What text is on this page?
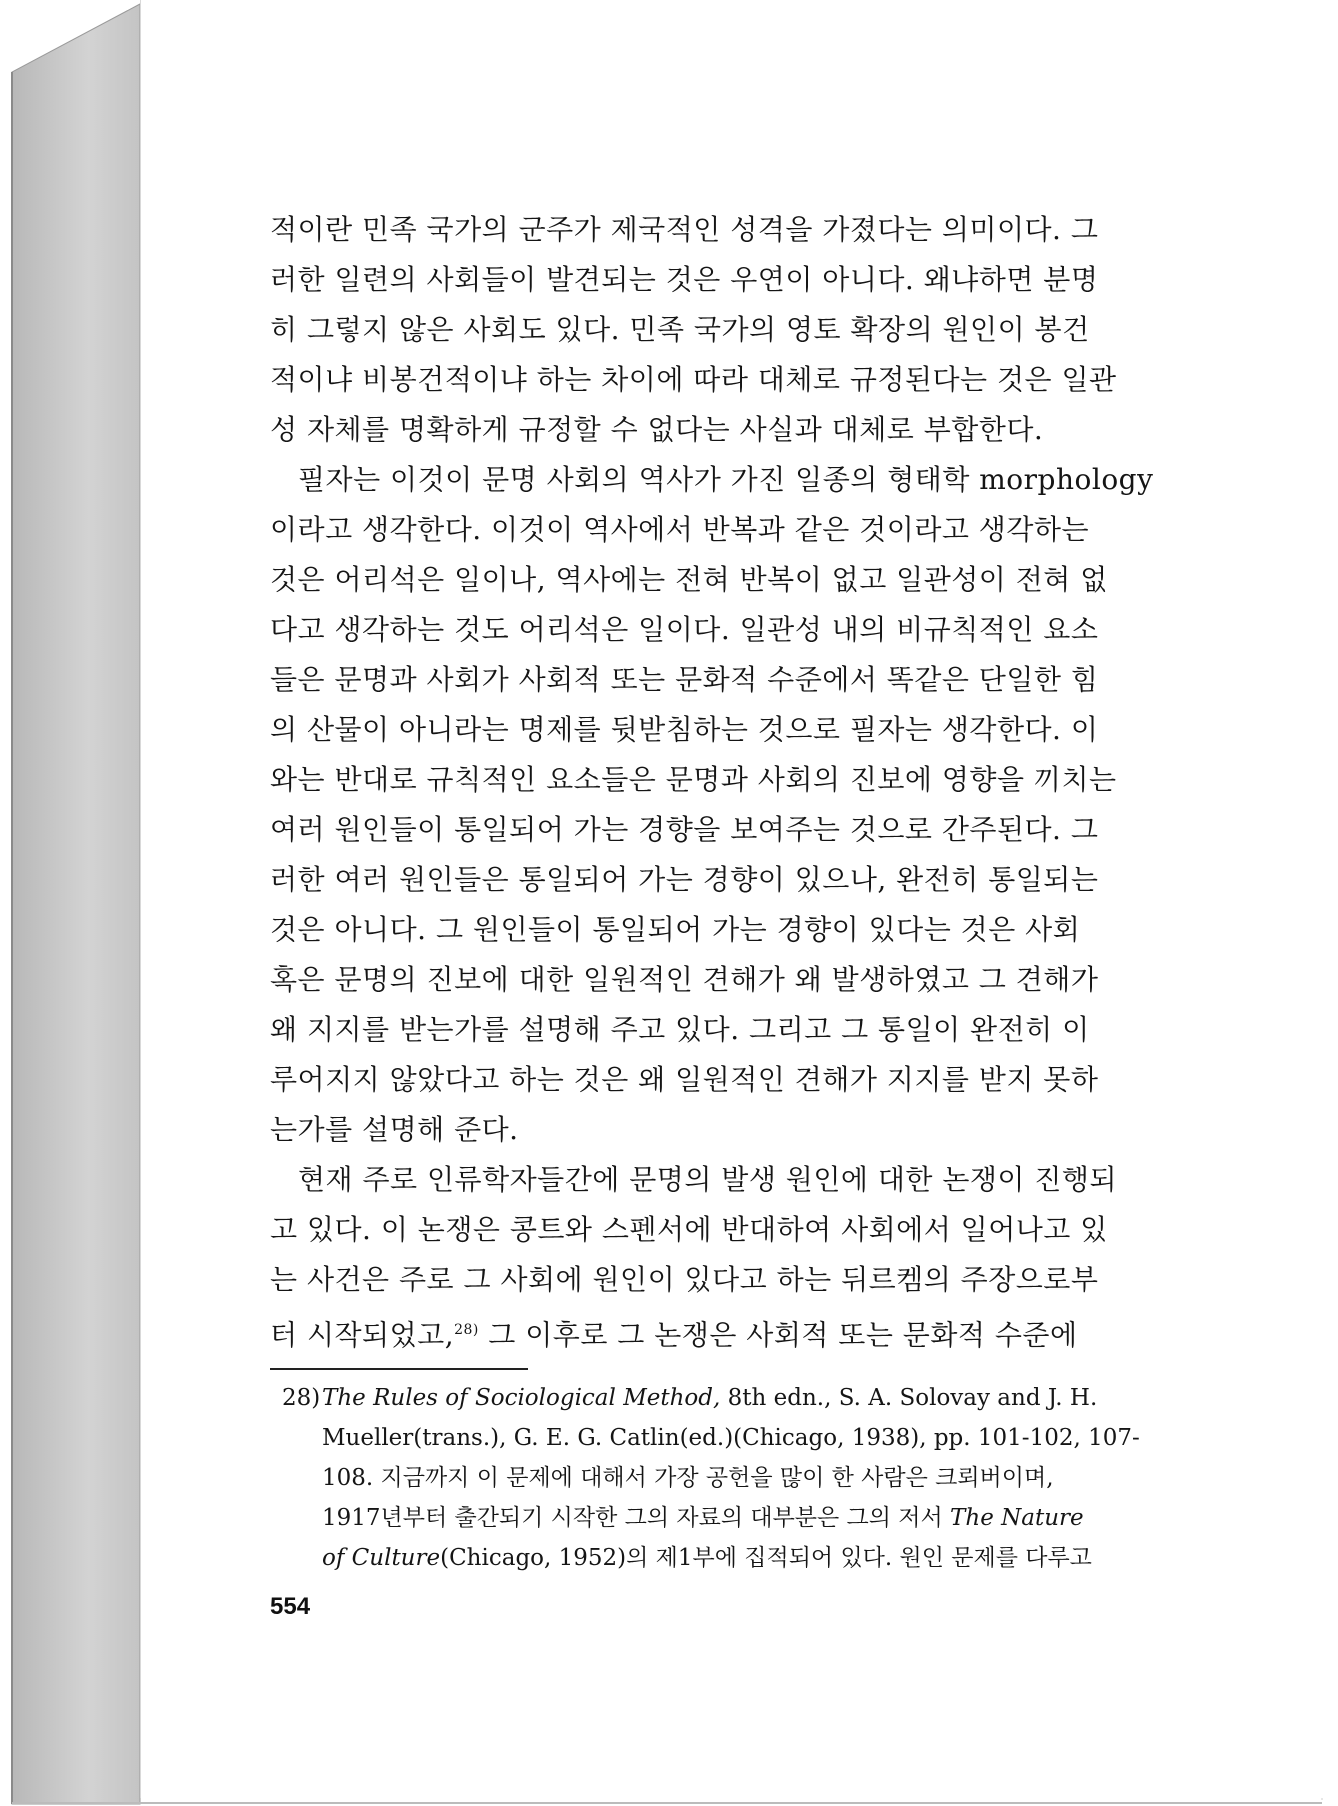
적이란 민족 국가의 군주가 제국적인 성격을 가졌다는 의미이다. 그

러한 일련의 사회들이 발견되는 것은 우연이 아니다. 왜냐하면 분명

히 그렇지 않은 사회도 있다. 민족 국가의 영토 확장의 원인이 봉건

적이냐 비봉건적이냐 하는 차이에 따라 대체로 규정된다는 것은 일관

성 자체를 명확하게 규정할 수 없다는 사실과 대체로 부합한다.

필자는 이것이 문명 사회의 역사가 가진 일종의 형태학 morphology

이라고 생각한다. 이것이 역사에서 반복과 같은 것이라고 생각하는

것은 어리석은 일이나, 역사에는 전혀 반복이 없고 일관성이 전혀 없

다고 생각하는 것도 어리석은 일이다. 일관성 내의 비규칙적인 요소

들은 문명과 사회가 사회적 또는 문화적 수준에서 똑같은 단일한 힘

의 산물이 아니라는 명제를 뒷받침하는 것으로 필자는 생각한다. 이

와는 반대로 규칙적인 요소들은 문명과 사회의 진보에 영향을 끼치는

여러 원인들이 통일되어 가는 경향을 보여주는 것으로 간주된다. 그

러한 여러 원인들은 통일되어 가는 경향이 있으나, 완전히 통일되는

것은 아니다. 그 원인들이 통일되어 가는 경향이 있다는 것은 사회

혹은 문명의 진보에 대한 일원적인 견해가 왜 발생하였고 그 견해가

왜 지지를 받는가를 설명해 주고 있다. 그리고 그 통일이 완전히 이

루어지지 않았다고 하는 것은 왜 일원적인 견해가 지지를 받지 못하

는가를 설명해 준다.

현재 주로 인류학자들간에 문명의 발생 원인에 대한 논쟁이 진행되

고 있다. 이 논쟁은 콩트와 스펜서에 반대하여 사회에서 일어나고 있

는 사건은 주로 그 사회에 원인이 있다고 하는 뒤르켐의 주장으로부

터 시작되었고,$^{28)}$ 그 이후로 그 논쟁은 사회적 또는 문화적 수준에

28)The Rules of Sociological Method, 8th edn., S. A. Solovay and J. H.
Mueller(trans.), G. E. G. Catlin(ed.)(Chicago, 1938), pp. 101-102, 107-
108. 지금까지 이 문제에 대해서 가장 공헌을 많이 한 사람은 크뢰버이며,
1917년부터 출간되기 시작한 그의 자료의 대부분은 그의 저서 The Nature
of Culture(Chicago, 1952)의 제1부에 집적되어 있다. 원인 문제를 다루고
554
